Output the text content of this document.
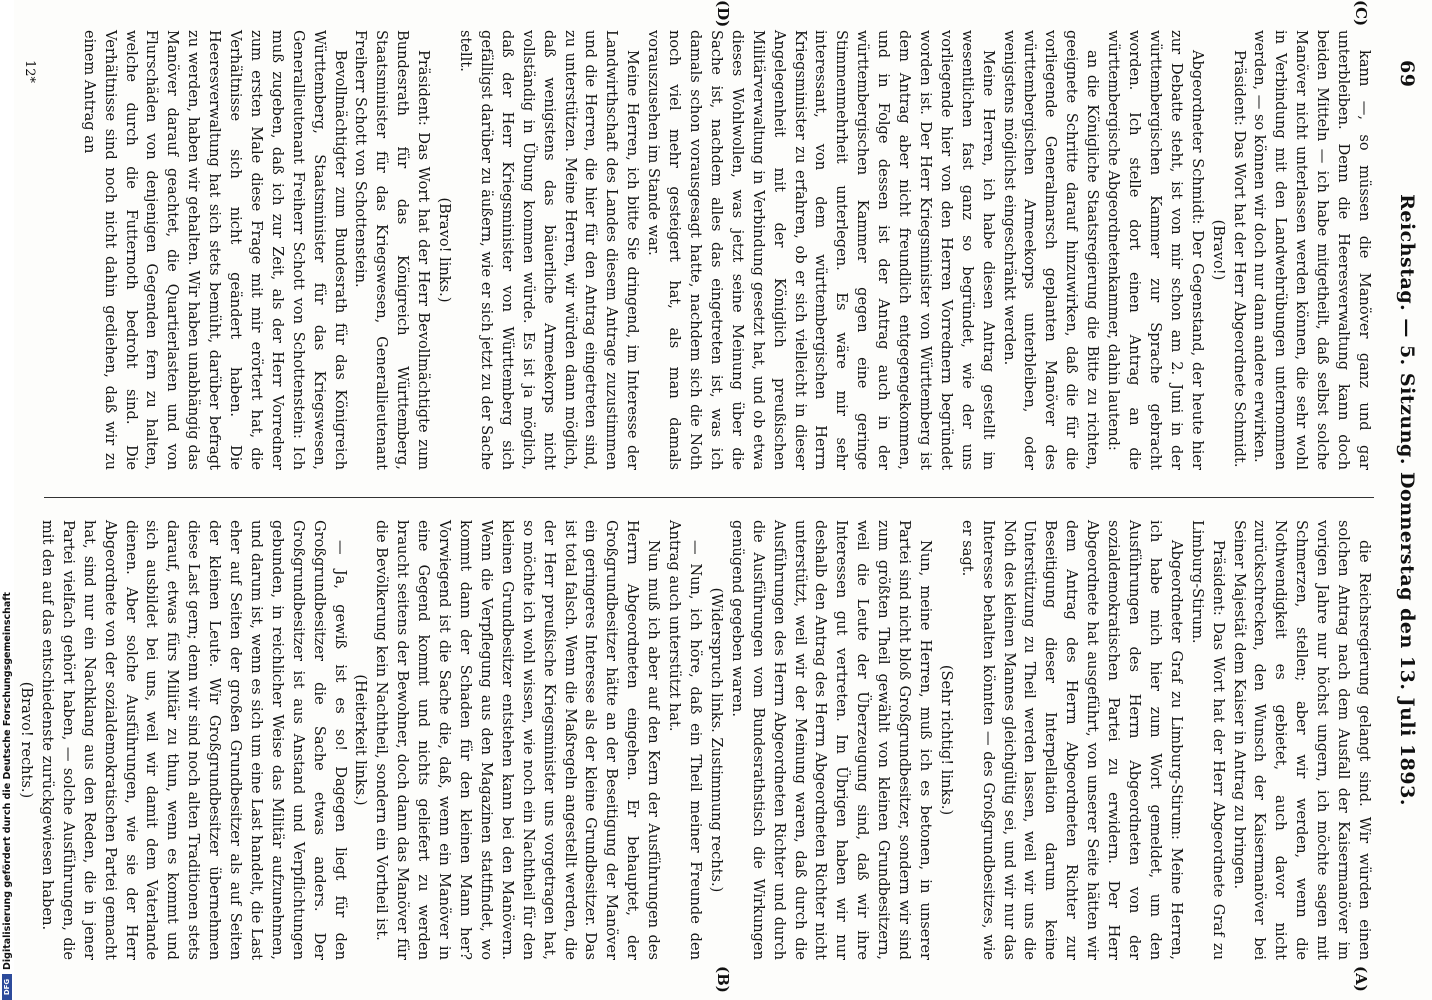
69
Reichstag. — 5. Sitzung. Donnerstag den 13. Juli 1893.
(C)
(A)
(D)
(B)

die Reichsregierung gelangt sind. Wir würden einen solchen Antrag nach dem Ausfall der Kaisermanöver im vorigen Jahre nur höchst ungern, ich möchte sagen mit Schmerzen, stellen; aber wir werden, wenn die Nothwendigkeit es gebietet, auch davor nicht zurückschrecken, den Wunsch der Kaisermanöver bei Seiner Majestät dem Kaiser in Antrag zu bringen.

Präsident: Das Wort hat der Herr Abgeordnete Graf zu Limburg-Stirum.

Abgeordneter Graf zu Limburg-Stirum: Meine Herren, ich habe mich hier zum Wort gemeldet, um den Ausführungen des Herrn Abgeordneten von der sozialdemokratischen Partei zu erwidern. Der Herr Abgeordnete hat ausgeführt, von unserer Seite hätten wir dem Antrag des Herrn Abgeordneten Richter zur Beseitigung dieser Interpellation darum keine Unterstützung zu Theil werden lassen, weil wir uns die Noth des kleinen Mannes gleichgültig sei, und wir nur das Interesse behalten könnten — des Großgrundbesitzes, wie er sagt.

(Sehr richtig! links.)

Nun, meine Herren, muß ich es betonen, in unserer Partei sind nicht bloß Großgrundbesitzer, sondern wir sind zum größten Theil gewählt von kleinen Grundbesitzern, weil die Leute der Überzeugung sind, daß wir ihre Interessen gut vertreten. Im Übrigen haben wir nur deshalb den Antrag des Herrn Abgeordneten Richter nicht unterstützt, weil wir der Meinung waren, daß durch die Ausführungen des Herrn Abgeordneten Richter und durch die Ausführungen vom Bundesrathstisch die Wirkungen genügend gegeben waren.

(Widerspruch links. Zustimmung rechts.)

— Nun, ich höre, daß ein Theil meiner Freunde den Antrag auch unterstützt hat.

Nun muß ich aber auf den Kern der Ausführungen des Herrn Abgeordneten eingehen. Er behauptet, der Großgrundbesitzer hätte an der Beseitigung der Manöver ein geringeres Interesse als der kleine Grundbesitzer. Das ist total falsch. Wenn die Maßregeln angestellt werden, die der Herr preußische Kriegsminister uns vorgetragen hat, so möchte ich wohl wissen, wie noch ein Nachtheil für den kleinen Grundbesitzer entstehen kann bei den Manövern. Wenn die Verpflegung aus den Magazinen stattfindet, wo kommt dann der Schaden für den kleinen Mann her? Vorwiegend ist die Sache die, daß, wenn ein Manöver in eine Gegend kommt und nichts geliefert zu werden braucht seitens der Bewohner, doch dann das Manöver für die Bevölkerung kein Nachtheil, sondern ein Vortheil ist.

(Heiterkeit links.)

— Ja, gewiß ist es so! Dagegen liegt für den Großgrundbesitzer die Sache etwas anders. Der Großgrundbesitzer ist aus Anstand und Verpflichtungen gebunden, in reichlicher Weise das Militär aufzunehmen, und darum ist, wenn es sich um eine Last handelt, die Last eher auf Seiten der großen Grundbesitzer als auf Seiten der kleinen Leute. Wir Großgrundbesitzer übernehmen diese Last gern; denn wir sind noch alten Traditionen stets darauf, etwas fürs Militär zu thun, wenn es kommt und sich ausbildet bei uns, weil wir damit dem Vaterlande dienen. Aber solche Ausführungen, wie sie der Herr Abgeordnete von der sozialdemokratischen Partei gemacht hat, sind nur ein Nachklang aus den Reden, die in jener Partei vielfach gehört haben, — solche Ausführungen, die mit den auf das entschiedenste zurückgewiesen haben.

(Bravo! rechts.)

kann —, so müssen die Manöver ganz und gar unterbleiben. Denn die Heeresverwaltung kann doch beiden Mitteln — ich habe mitgetheilt, daß selbst solche Manöver nicht unterlassen werden können, die sehr wohl in Verbindung mit den Landwehrübungen unternommen werden, — so können wir doch nur dann andere erwirken.

Präsident: Das Wort hat der Herr Abgeordnete Schmidt.

(Bravo!)

Abgeordneter Schmidt: Der Gegenstand, der heute hier zur Debatte steht, ist von mir schon am 2. Juni in der württembergischen Kammer zur Sprache gebracht worden. Ich stelle dort einen Antrag an die württembergische Abgeordnetenkammer, dahin lautend:

an die Königliche Staatsregierung die Bitte zu richten, geeignete Schritte darauf hinzuwirken, daß die für die vorliegende Generalmarsch geplanten Manöver des württembergischen Armeekorps unterbleiben, oder wenigstens möglichst eingeschränkt werden.

Meine Herren, ich habe diesen Antrag gestellt im wesentlichen fast ganz so begründet, wie der uns vorliegende hier von den Herren Vorrednern begründet worden ist. Der Herr Kriegsminister von Württemberg ist dem Antrag aber nicht freundlich entgegengekommen, und in Folge dessen ist der Antrag auch in der württembergischen Kammer gegen eine geringe Stimmenmehrheit unterlegen. Es wäre mir sehr interessant, von dem württembergischen Herrn Kriegsminister zu erfahren, ob er sich vielleicht in dieser Angelegenheit mit der Königlich preußischen Militärverwaltung in Verbindung gesetzt hat, und ob etwa dieses Wohlwollen, was jetzt seine Meinung über die Sache ist, nachdem alles das eingetreten ist, was ich damals schon vorausgesagt hatte, nachdem sich die Noth noch viel mehr gesteigert hat, als man damals vorauszusehen im Stande war.

Meine Herren, ich bitte Sie dringend, im Interesse der Landwirthschaft des Landes diesem Antrage zuzustimmen und die Herren, die hier für den Antrag eingetreten sind, zu unterstützen. Meine Herren, wir würden dann möglich, daß wenigstens das bäuerliche Armeekorps nicht vollständig in Übung kommen würde. Es ist ja möglich, daß der Herr Kriegsminister von Württemberg sich gefälligst darüber zu äußern, wie er sich jetzt zu der Sache stellt.

(Bravo! links.)

Präsident: Das Wort hat der Herr Bevollmächtigte zum Bundesrath für das Königreich Württemberg, Staatsminister für das Kriegswesen, Generallieutenant Freiherr Schott von Schottenstein.

Bevollmächtigter zum Bundesrath für das Königreich Württemberg, Staatsminister für das Kriegswesen, Generallieutenant Freiherr Schott von Schottenstein: Ich muß zugeben, daß ich zur Zeit, als der Herr Vorredner zum ersten Male diese Frage mit mir erörtert hat, die Verhältnisse sich nicht geändert haben. Die Heeresverwaltung hat sich stets bemüht, darüber befragt zu werden, haben wir gehalten. Wir haben unabhängig das Manöver darauf geachtet, die Quartierlasten und von Flurschäden von denjenigen Gegenden fern zu halten, welche durch die Futternoth bedroht sind. Die Verhältnisse sind noch nicht dahin gediehen, daß wir zu einem Antrag an

12*
DFG
Digitalisierung gefördert durch die Deutsche Forschungsgemeinschaft
